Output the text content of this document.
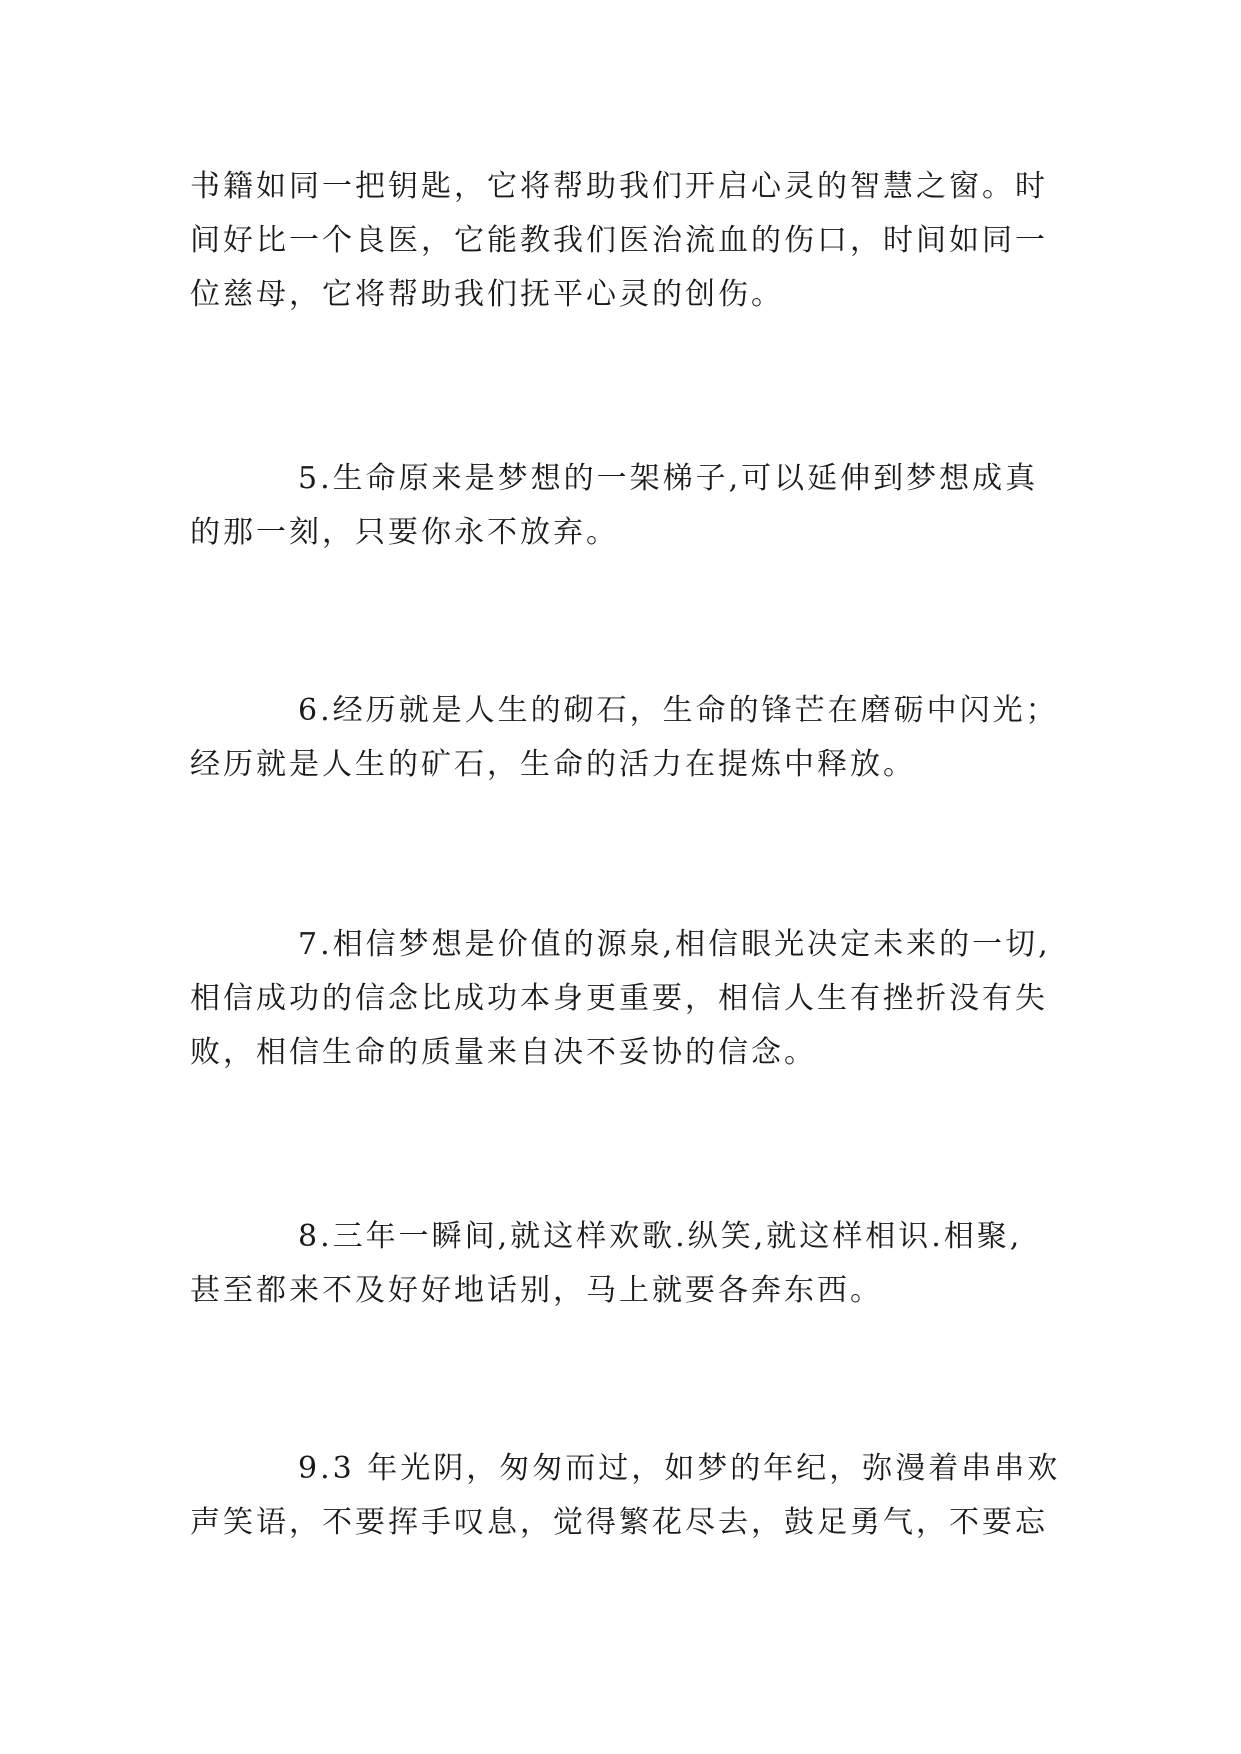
书籍如同一把钥匙，它将帮助我们开启心灵的智慧之窗。时
间好比一个良医，它能教我们医治流血的伤口，时间如同一
位慈母，它将帮助我们抚平心灵的创伤。

5.生命原来是梦想的一架梯子,可以延伸到梦想成真
的那一刻，只要你永不放弃。

6.经历就是人生的砌石，生命的锋芒在磨砺中闪光；
经历就是人生的矿石，生命的活力在提炼中释放。

7.相信梦想是价值的源泉,相信眼光决定未来的一切,
相信成功的信念比成功本身更重要，相信人生有挫折没有失
败，相信生命的质量来自决不妥协的信念。

8.三年一瞬间,就这样欢歌.纵笑,就这样相识.相聚,
甚至都来不及好好地话别，马上就要各奔东西。

9.3 年光阴，匆匆而过，如梦的年纪，弥漫着串串欢
声笑语，不要挥手叹息，觉得繁花尽去，鼓足勇气，不要忘
